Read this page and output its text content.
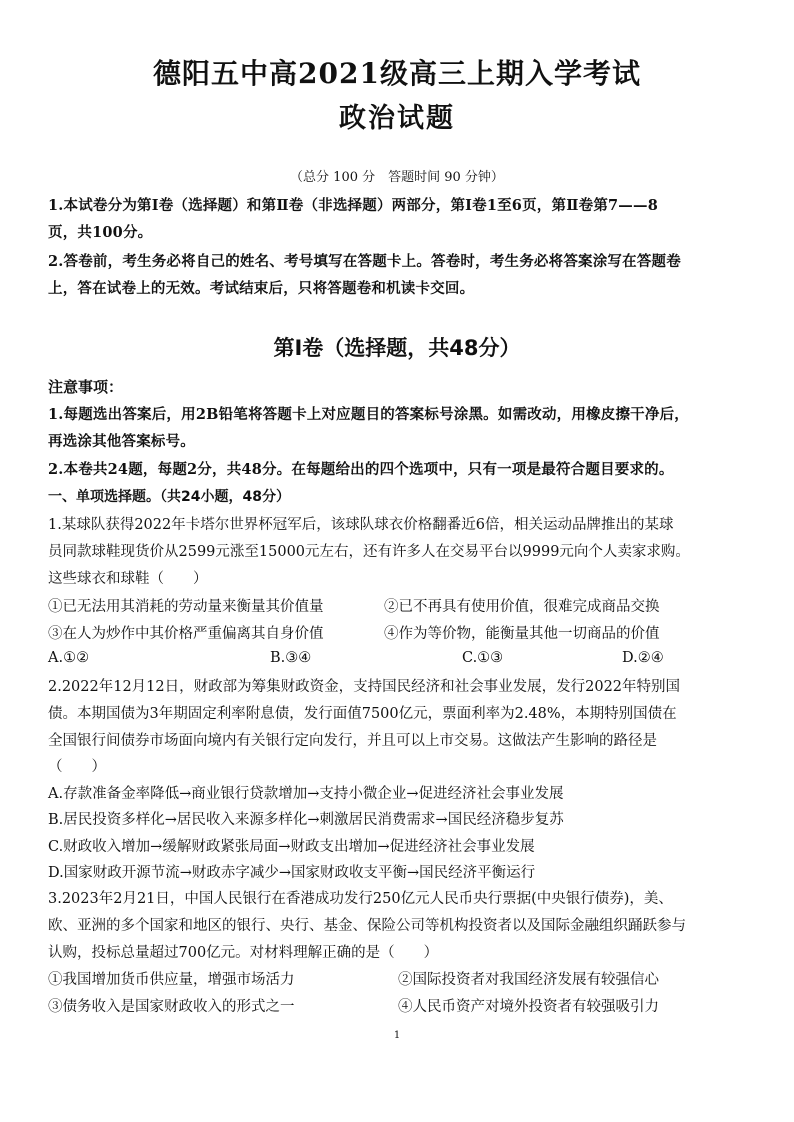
德阳五中高2021级高三上期入学考试
政治试题
（总分 100 分　答题时间 90 分钟）
1.本试卷分为第Ⅰ卷（选择题）和第Ⅱ卷（非选择题）两部分，第Ⅰ卷1至6页，第Ⅱ卷第7——8
页，共100分。
2.答卷前，考生务必将自己的姓名、考号填写在答题卡上。答卷时，考生务必将答案涂写在答题卷
上，答在试卷上的无效。考试结束后，只将答题卷和机读卡交回。
第Ⅰ卷（选择题，共48分）
注意事项：
1.每题选出答案后，用2B铅笔将答题卡上对应题目的答案标号涂黑。如需改动，用橡皮擦干净后，
再选涂其他答案标号。
2.本卷共24题，每题2分，共48分。在每题给出的四个选项中，只有一项是最符合题目要求的。
一、单项选择题。（共24小题，48分）
1.某球队获得2022年卡塔尔世界杯冠军后，该球队球衣价格翻番近6倍，相关运动品牌推出的某球
员同款球鞋现货价从2599元涨至15000元左右，还有许多人在交易平台以9999元向个人卖家求购。
这些球衣和球鞋（　　）
①已无法用其消耗的劳动量来衡量其价值量	②已不再具有使用价值，很难完成商品交换
③在人为炒作中其价格严重偏离其自身价值	④作为等价物，能衡量其他一切商品的价值
A.①②	B.③④	C.①③	D.②④
2.2022年12月12日，财政部为筹集财政资金，支持国民经济和社会事业发展，发行2022年特别国
债。本期国债为3年期固定利率附息债，发行面值7500亿元，票面利率为2.48%，本期特别国债在
全国银行间债券市场面向境内有关银行定向发行，并且可以上市交易。这做法产生影响的路径是
（　　）
A.存款准备金率降低→商业银行贷款增加→支持小微企业→促进经济社会事业发展
B.居民投资多样化→居民收入来源多样化→刺激居民消费需求→国民经济稳步复苏
C.财政收入增加→缓解财政紧张局面→财政支出增加→促进经济社会事业发展
D.国家财政开源节流→财政赤字减少→国家财政收支平衡→国民经济平衡运行
3.2023年2月21日，中国人民银行在香港成功发行250亿元人民币央行票据(中央银行债券)，美、
欧、亚洲的多个国家和地区的银行、央行、基金、保险公司等机构投资者以及国际金融组织踊跃参与
认购，投标总量超过700亿元。对材料理解正确的是（　　）
①我国增加货币供应量，增强市场活力	②国际投资者对我国经济发展有较强信心
③债务收入是国家财政收入的形式之一	④人民币资产对境外投资者有较强吸引力
1
